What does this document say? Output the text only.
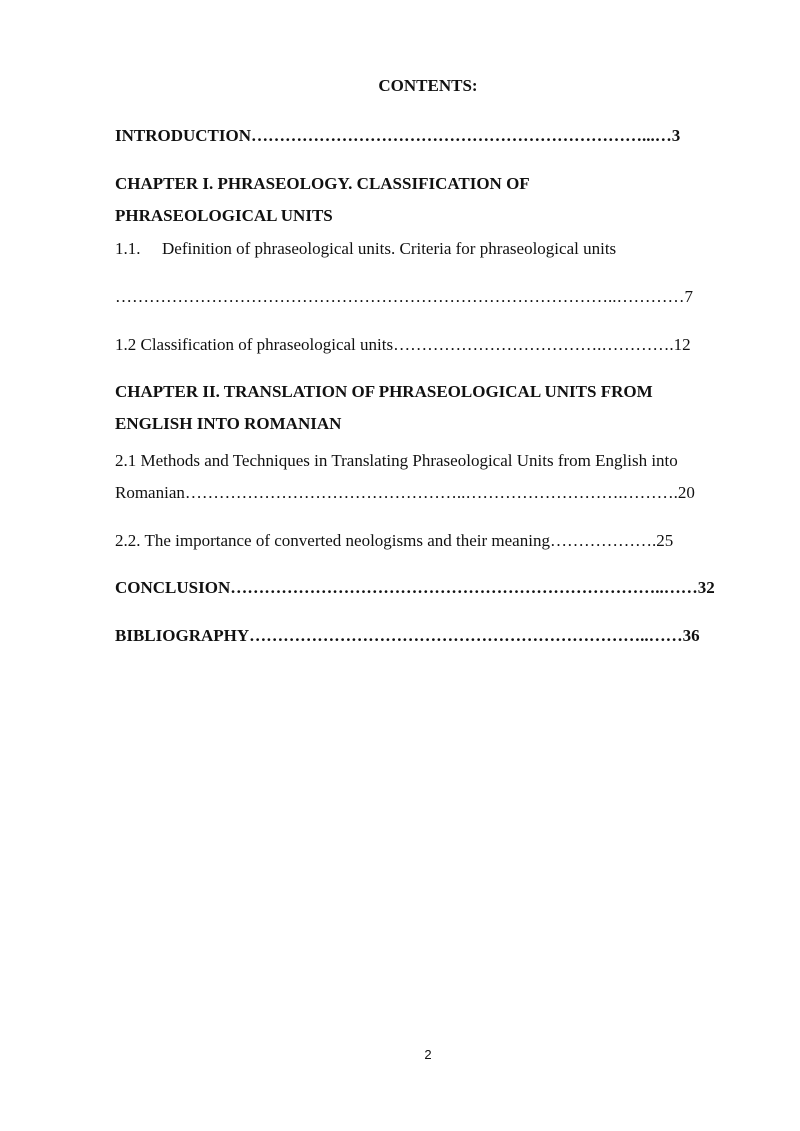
CONTENTS:
INTRODUCTION……………………………………………………………...…3
CHAPTER I. PHRASEOLOGY. CLASSIFICATION OF
PHRASEOLOGICAL UNITS
1.1. Definition of phraseological units. Criteria for phraseological units
……………………………………………………………………………..…………7
1.2 Classification of phraseological units……………………………….………….12
CHAPTER II. TRANSLATION OF PHRASEOLOGICAL UNITS FROM
ENGLISH INTO ROMANIAN
2.1 Methods and Techniques in Translating Phraseological Units from English into
Romanian…………………………………………..……………………….……….20
2.2. The importance of converted neologisms and their meaning……………….25
CONCLUSION…………………………………………………………………..……32
BIBLIOGRAPHY……………………………………………………………..……36
2
